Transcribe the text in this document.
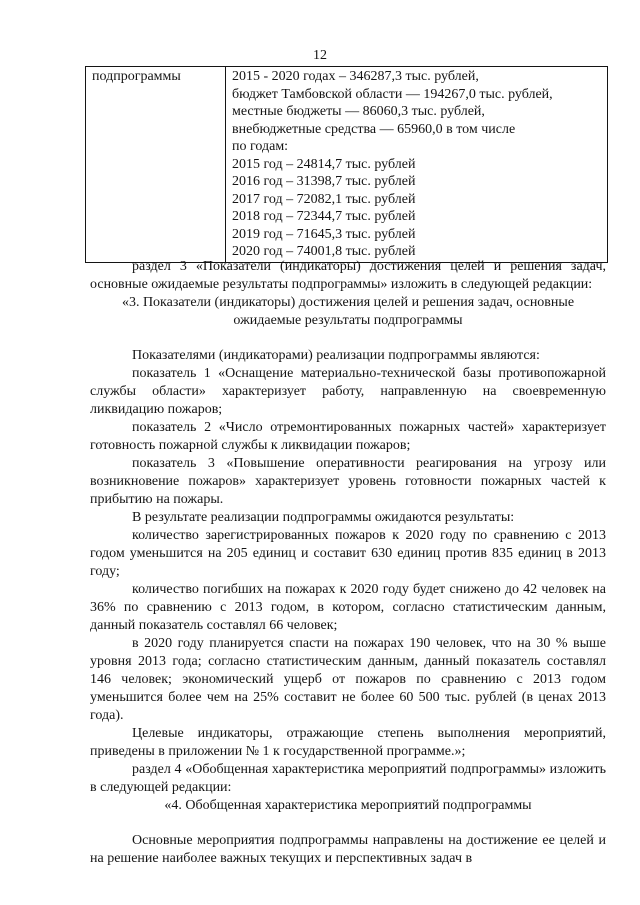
12
подпрограммы	2015 - 2020 годах – 346287,3 тыс. рублей,
бюджет Тамбовской области — 194267,0 тыс. рублей,
местные бюджеты — 86060,3 тыс. рублей,
внебюджетные средства — 65960,0 в том числе
по годам:
2015 год – 24814,7 тыс. рублей
2016 год – 31398,7 тыс. рублей
2017 год – 72082,1 тыс. рублей
2018 год – 72344,7 тыс. рублей
2019 год – 71645,3 тыс. рублей
2020 год – 74001,8 тыс. рублей

раздел 3 «Показатели (индикаторы) достижения целей и решения задач, основные ожидаемые результаты подпрограммы» изложить в следующей редакции:

«3. Показатели (индикаторы) достижения целей и решения задач, основные ожидаемые результаты подпрограммы

Показателями (индикаторами) реализации подпрограммы являются:

показатель 1 «Оснащение материально-технической базы противопожарной службы области» характеризует работу, направленную на своевременную ликвидацию пожаров;

показатель 2 «Число отремонтированных пожарных частей» характеризует готовность пожарной службы к ликвидации пожаров;

показатель 3 «Повышение оперативности реагирования на угрозу или возникновение пожаров» характеризует уровень готовности пожарных частей к прибытию на пожары.

В результате реализации подпрограммы ожидаются результаты:

количество зарегистрированных пожаров к 2020 году по сравнению с 2013 годом уменьшится на 205 единиц и составит 630 единиц против 835 единиц в 2013 году;

количество погибших на пожарах к 2020 году будет снижено до 42 человек на 36% по сравнению с 2013 годом, в котором, согласно статистическим данным, данный показатель составлял 66 человек;

в 2020 году планируется спасти на пожарах 190 человек, что на 30 % выше уровня 2013 года; согласно статистическим данным, данный показатель составлял 146 человек; экономический ущерб от пожаров по сравнению с 2013 годом уменьшится более чем на 25% составит не более 60 500 тыс. рублей (в ценах 2013 года).

Целевые индикаторы, отражающие степень выполнения мероприятий, приведены в приложении № 1 к государственной программе.»;

раздел 4 «Обобщенная характеристика мероприятий подпрограммы» изложить в следующей редакции:

«4. Обобщенная характеристика мероприятий подпрограммы

Основные мероприятия подпрограммы направлены на достижение ее целей и на решение наиболее важных текущих и перспективных задач в
